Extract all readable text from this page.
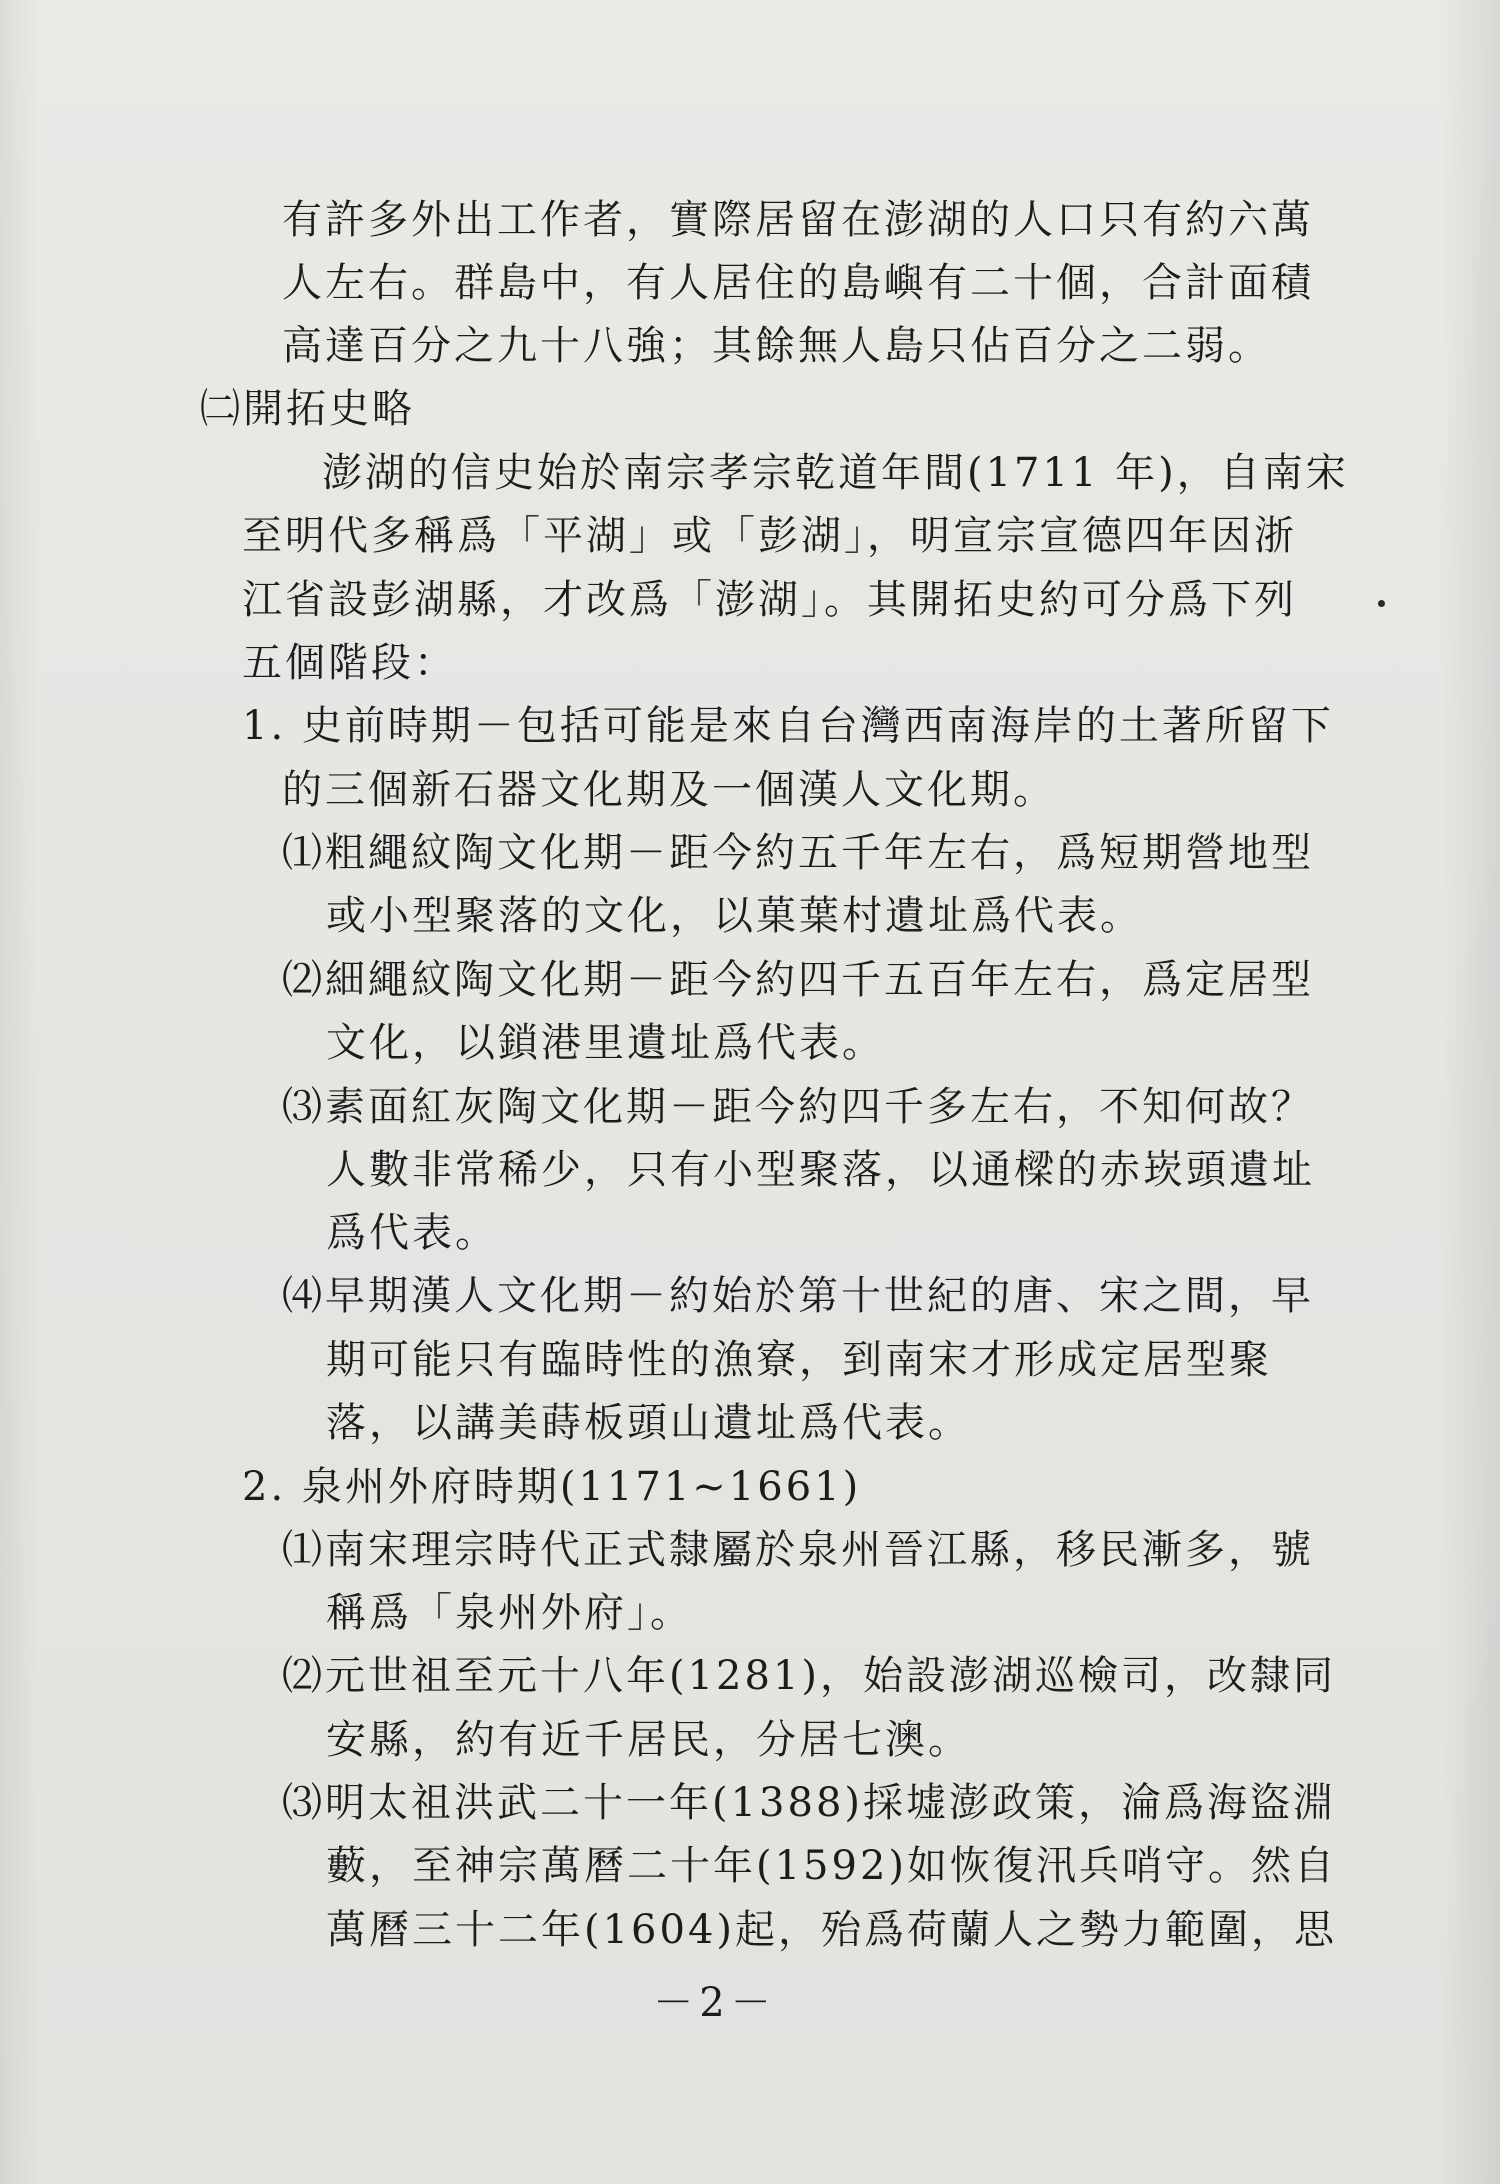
有許多外出工作者，實際居留在澎湖的人口只有約六萬
人左右。群島中，有人居住的島嶼有二十個，合計面積
高達百分之九十八強；其餘無人島只佔百分之二弱。
㈡開拓史略
澎湖的信史始於南宗孝宗乾道年間(1711 年)，自南宋
至明代多稱爲「平湖」或「彭湖」，明宣宗宣德四年因浙
江省設彭湖縣，才改爲「澎湖」。其開拓史約可分爲下列
五個階段：
1. 史前時期－包括可能是來自台灣西南海岸的土著所留下
的三個新石器文化期及一個漢人文化期。
⑴粗繩紋陶文化期－距今約五千年左右，爲短期營地型
或小型聚落的文化，以菓葉村遺址爲代表。
⑵細繩紋陶文化期－距今約四千五百年左右，爲定居型
文化，以鎖港里遺址爲代表。
⑶素面紅灰陶文化期－距今約四千多左右，不知何故？
人數非常稀少，只有小型聚落，以通樑的赤崁頭遺址
爲代表。
⑷早期漢人文化期－約始於第十世紀的唐、宋之間，早
期可能只有臨時性的漁寮，到南宋才形成定居型聚
落，以講美蒔板頭山遺址爲代表。
2. 泉州外府時期(1171~1661)
⑴南宋理宗時代正式隸屬於泉州晉江縣，移民漸多，號
稱爲「泉州外府」。
⑵元世祖至元十八年(1281)，始設澎湖巡檢司，改隸同
安縣，約有近千居民，分居七澳。
⑶明太祖洪武二十一年(1388)採墟澎政策，淪爲海盜淵
藪，至神宗萬曆二十年(1592)如恢復汛兵哨守。然自
萬曆三十二年(1604)起，殆爲荷蘭人之勢力範圍，思
－2－
